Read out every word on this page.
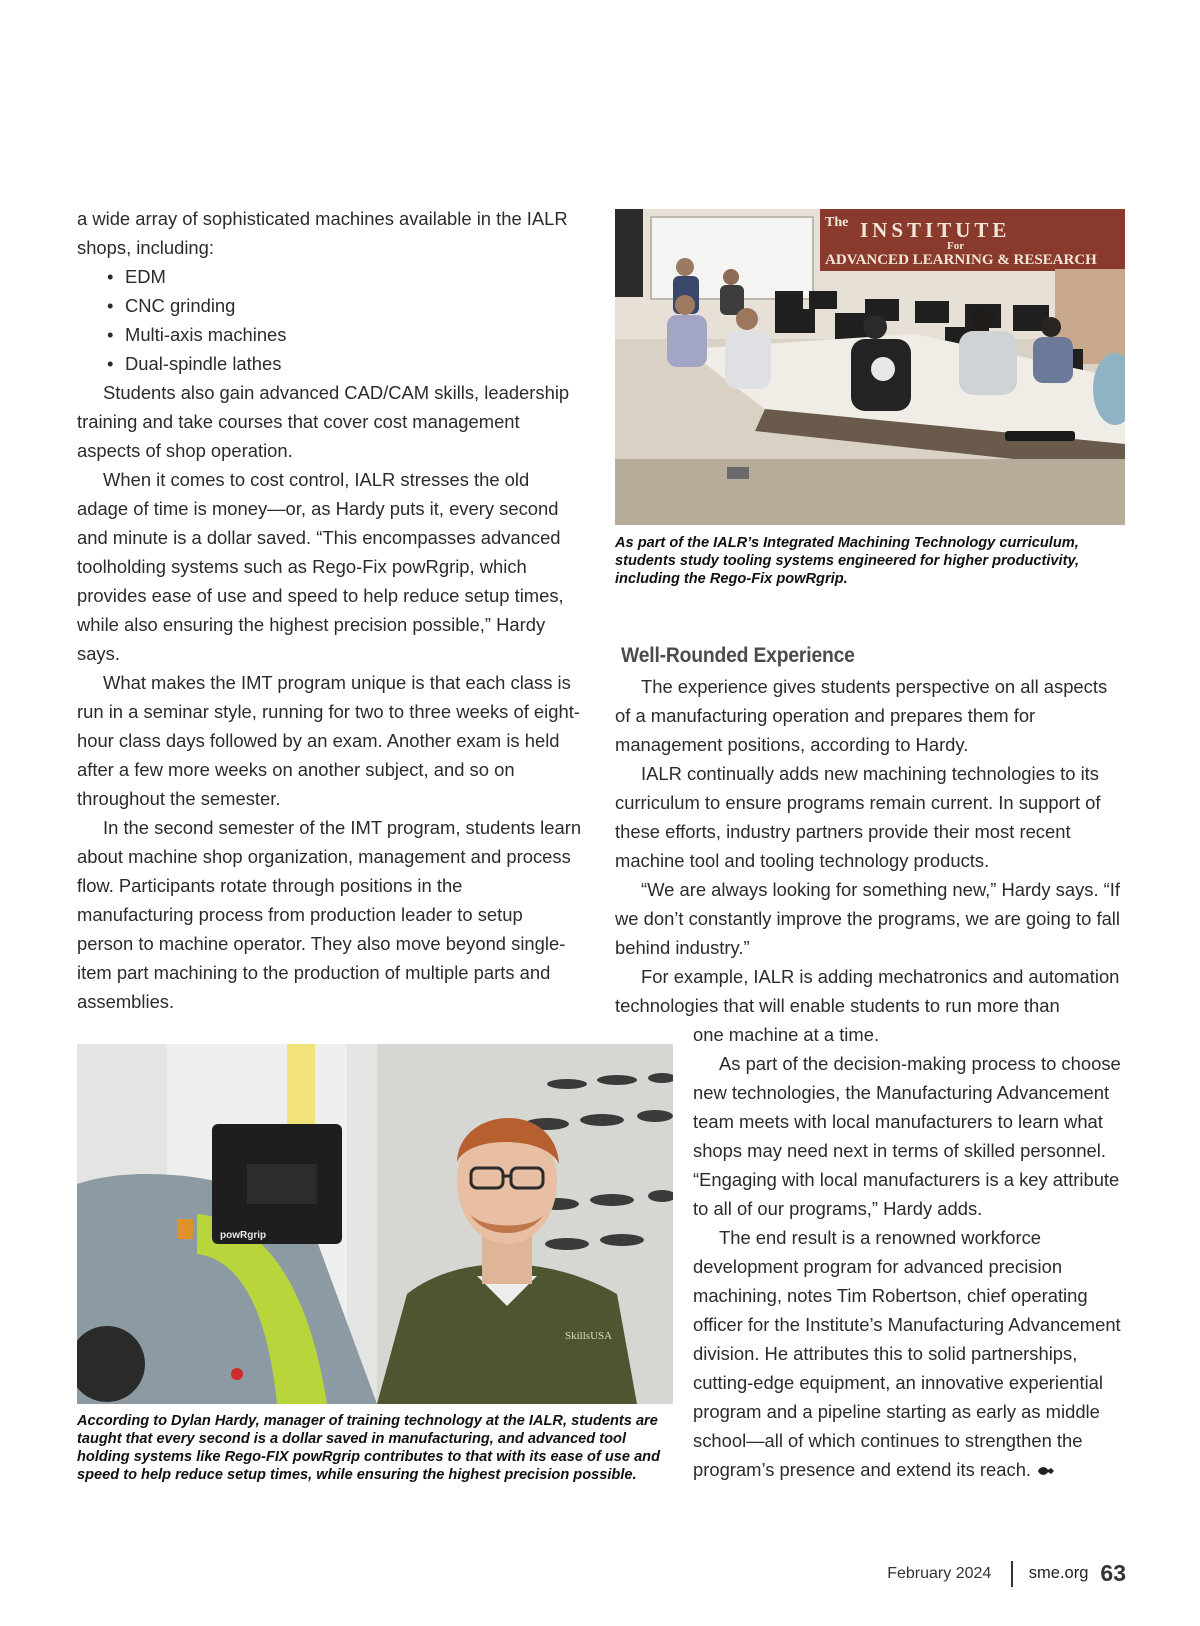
a wide array of sophisticated machines available in the IALR shops, including:

• EDM
• CNC grinding
• Multi-axis machines
• Dual-spindle lathes

Students also gain advanced CAD/CAM skills, leadership training and take courses that cover cost management aspects of shop operation.

When it comes to cost control, IALR stresses the old adage of time is money—or, as Hardy puts it, every second and minute is a dollar saved. “This encompasses advanced toolholding systems such as Rego-Fix powRgrip, which provides ease of use and speed to help reduce setup times, while also ensuring the highest precision possible,” Hardy says.

What makes the IMT program unique is that each class is run in a seminar style, running for two to three weeks of eight-hour class days followed by an exam. Another exam is held after a few more weeks on another subject, and so on throughout the semester.

In the second semester of the IMT program, students learn about machine shop organization, management and process flow. Participants rotate through positions in the manufacturing process from production leader to setup person to machine operator. They also move beyond single-item part machining to the production of multiple parts and assemblies.

The INSTITUTE
For
ADVANCED LEARNING & RESEARCH
As part of the IALR’s Integrated Machining Technology curriculum, students study tooling systems engineered for higher productivity, including the Rego-Fix powRgrip.

Well-Rounded Experience

The experience gives students perspective on all aspects of a manufacturing operation and prepares them for management positions, according to Hardy.

IALR continually adds new machining technologies to its curriculum to ensure programs remain current. In support of these efforts, industry partners provide their most recent machine tool and tooling technology products.

“We are always looking for something new,” Hardy says. “If we don’t constantly improve the programs, we are going to fall behind industry.”

For example, IALR is adding mechatronics and automation technologies that will enable students to run more than

one machine at a time.

As part of the decision-making process to choose new technologies, the Manufacturing Advancement team meets with local manufacturers to learn what shops may need next in terms of skilled personnel. “Engaging with local manufacturers is a key attribute to all of our programs,” Hardy adds.

The end result is a renowned workforce development program for advanced precision machining, notes Tim Robertson, chief operating officer for the Institute’s Manufacturing Advancement division. He attributes this to solid partnerships, cutting-edge equipment, an innovative experiential program and a pipeline starting as early as middle school—all of which continues to strengthen the program’s presence and extend its reach.

powRgrip
SkillsUSA
According to Dylan Hardy, manager of training technology at the IALR, students are taught that every second is a dollar saved in manufacturing, and advanced tool holding systems like Rego-FIX powRgrip contributes to that with its ease of use and speed to help reduce setup times, while ensuring the highest precision possible.
February 2024 sme.org 63
